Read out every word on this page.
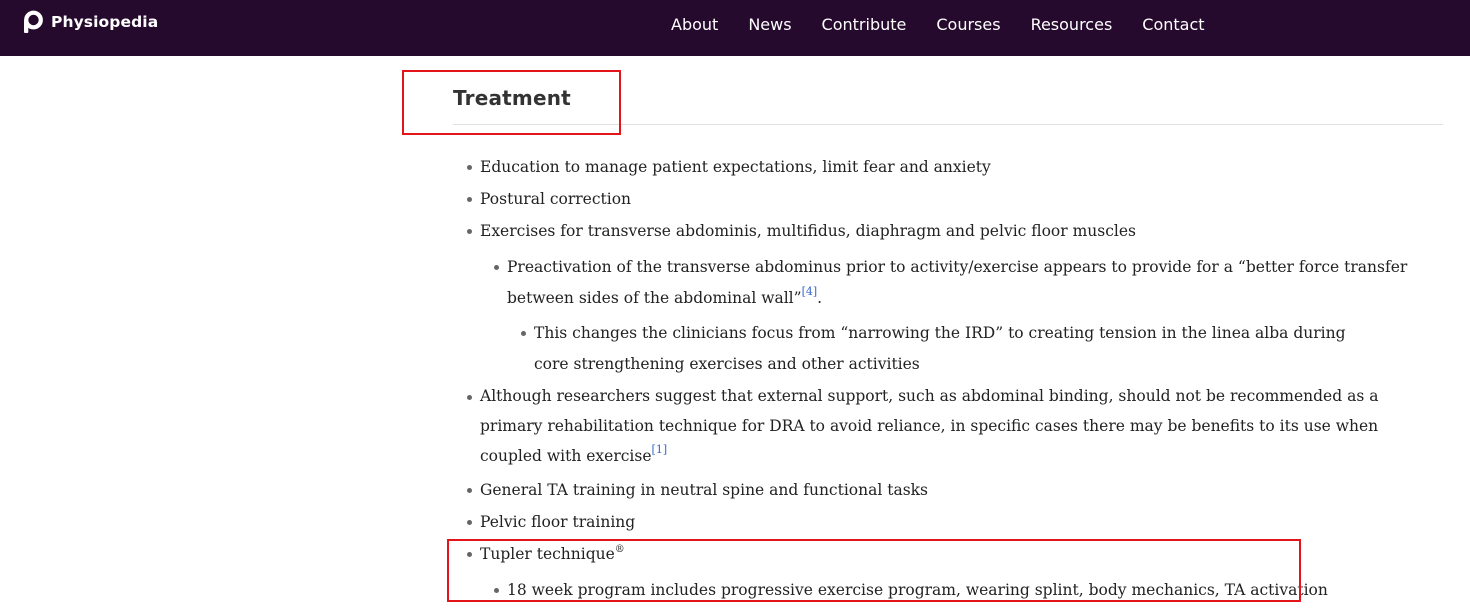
Physiopedia	About News Contribute Courses Resources Contact
Treatment
Education to manage patient expectations, limit fear and anxiety
Postural correction
Exercises for transverse abdominis, multifidus, diaphragm and pelvic floor muscles
Preactivation of the transverse abdominus prior to activity/exercise appears to provide for a “better force transfer between sides of the abdominal wall”[4].
This changes the clinicians focus from “narrowing the IRD” to creating tension in the linea alba during core strengthening exercises and other activities
Although researchers suggest that external support, such as abdominal binding, should not be recommended as a primary rehabilitation technique for DRA to avoid reliance, in specific cases there may be benefits to its use when coupled with exercise[1]
General TA training in neutral spine and functional tasks
Pelvic floor training
Tupler technique®
18 week program includes progressive exercise program, wearing splint, body mechanics, TA activation
